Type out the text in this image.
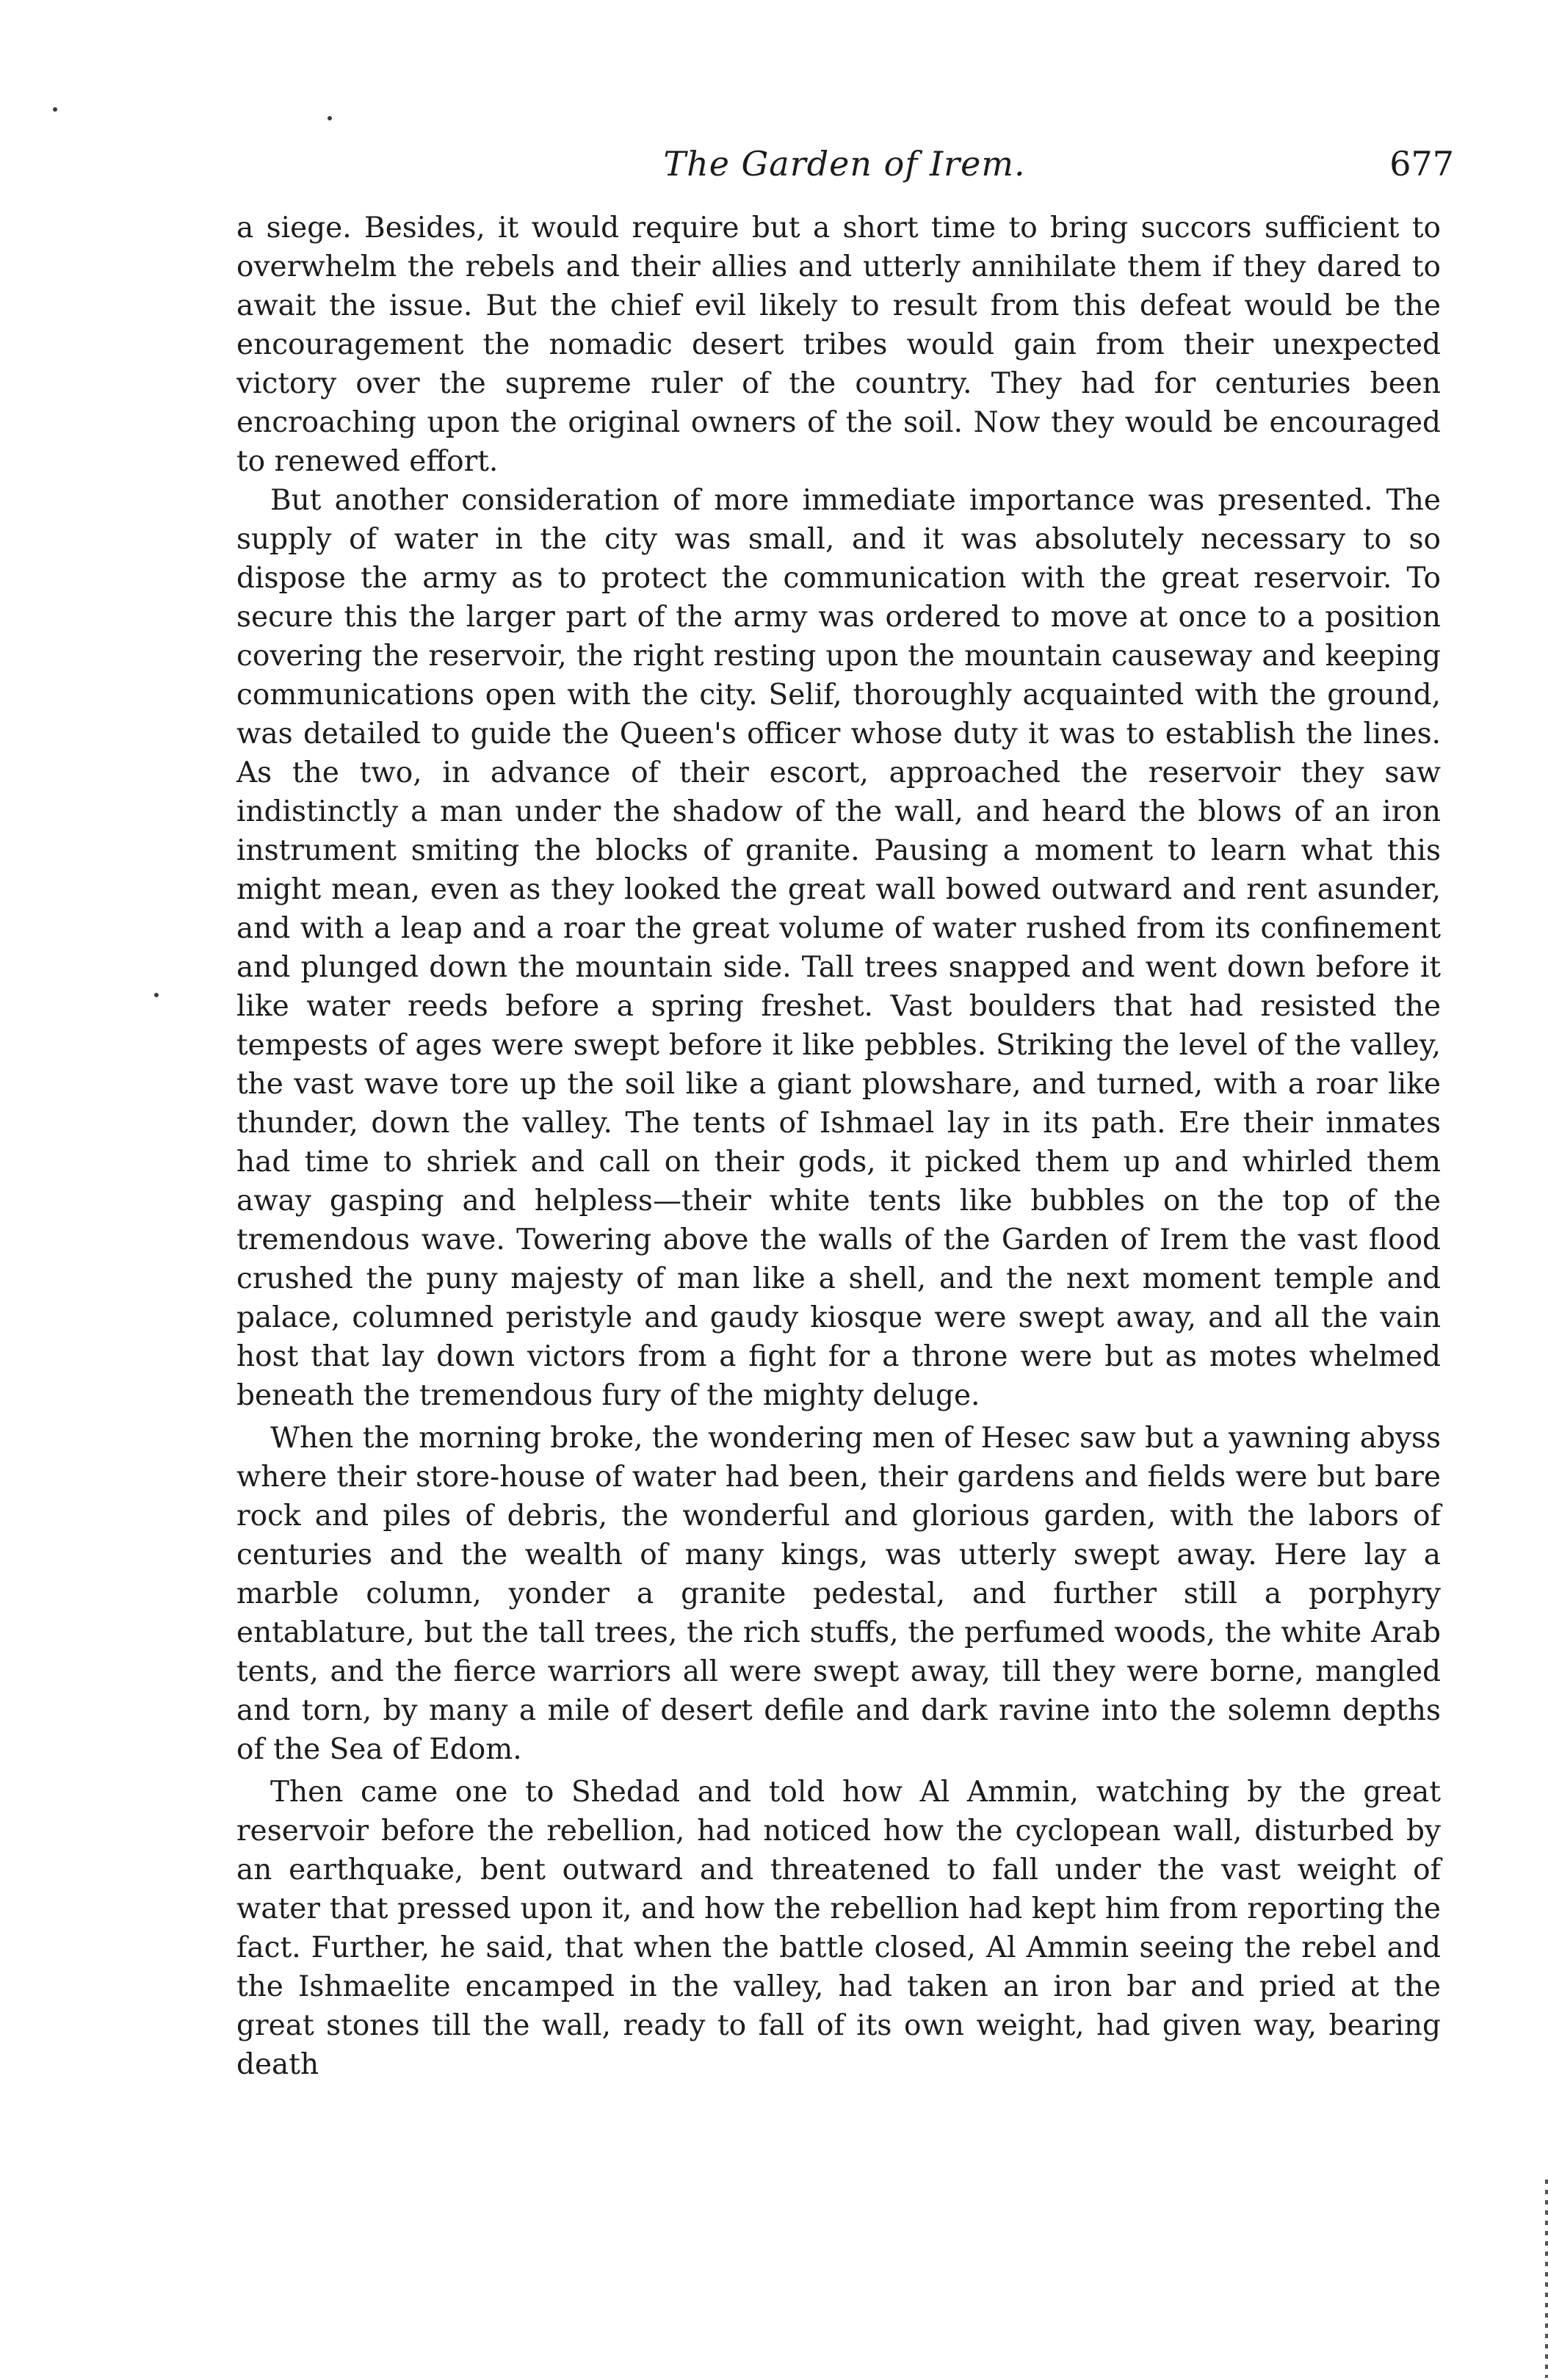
The Garden of Irem.	677

a siege. Besides, it would require but a short time to bring succors sufficient to overwhelm the rebels and their allies and utterly annihilate them if they dared to await the issue. But the chief evil likely to result from this defeat would be the encouragement the nomadic desert tribes would gain from their unexpected victory over the supreme ruler of the country. They had for centuries been encroaching upon the original owners of the soil. Now they would be encouraged to renewed effort.

But another consideration of more immediate importance was presented. The supply of water in the city was small, and it was absolutely necessary to so dispose the army as to protect the communication with the great reservoir. To secure this the larger part of the army was ordered to move at once to a position covering the reservoir, the right resting upon the mountain causeway and keeping communications open with the city. Selif, thoroughly acquainted with the ground, was detailed to guide the Queen's officer whose duty it was to establish the lines. As the two, in advance of their escort, approached the reservoir they saw indistinctly a man under the shadow of the wall, and heard the blows of an iron instrument smiting the blocks of granite. Pausing a moment to learn what this might mean, even as they looked the great wall bowed outward and rent asunder, and with a leap and a roar the great volume of water rushed from its confinement and plunged down the mountain side. Tall trees snapped and went down before it like water reeds before a spring freshet. Vast boulders that had resisted the tempests of ages were swept before it like pebbles. Striking the level of the valley, the vast wave tore up the soil like a giant plowshare, and turned, with a roar like thunder, down the valley. The tents of Ishmael lay in its path. Ere their inmates had time to shriek and call on their gods, it picked them up and whirled them away gasping and helpless—their white tents like bubbles on the top of the tremendous wave. Towering above the walls of the Garden of Irem the vast flood crushed the puny majesty of man like a shell, and the next moment temple and palace, columned peristyle and gaudy kiosque were swept away, and all the vain host that lay down victors from a fight for a throne were but as motes whelmed beneath the tremendous fury of the mighty deluge.

When the morning broke, the wondering men of Hesec saw but a yawning abyss where their store-house of water had been, their gardens and fields were but bare rock and piles of debris, the wonderful and glorious garden, with the labors of centuries and the wealth of many kings, was utterly swept away. Here lay a marble column, yonder a granite pedestal, and further still a porphyry entablature, but the tall trees, the rich stuffs, the perfumed woods, the white Arab tents, and the fierce warriors all were swept away, till they were borne, mangled and torn, by many a mile of desert defile and dark ravine into the solemn depths of the Sea of Edom.

Then came one to Shedad and told how Al Ammin, watching by the great reservoir before the rebellion, had noticed how the cyclopean wall, disturbed by an earthquake, bent outward and threatened to fall under the vast weight of water that pressed upon it, and how the rebellion had kept him from reporting the fact. Further, he said, that when the battle closed, Al Ammin seeing the rebel and the Ishmaelite encamped in the valley, had taken an iron bar and pried at the great stones till the wall, ready to fall of its own weight, had given way, bearing death
